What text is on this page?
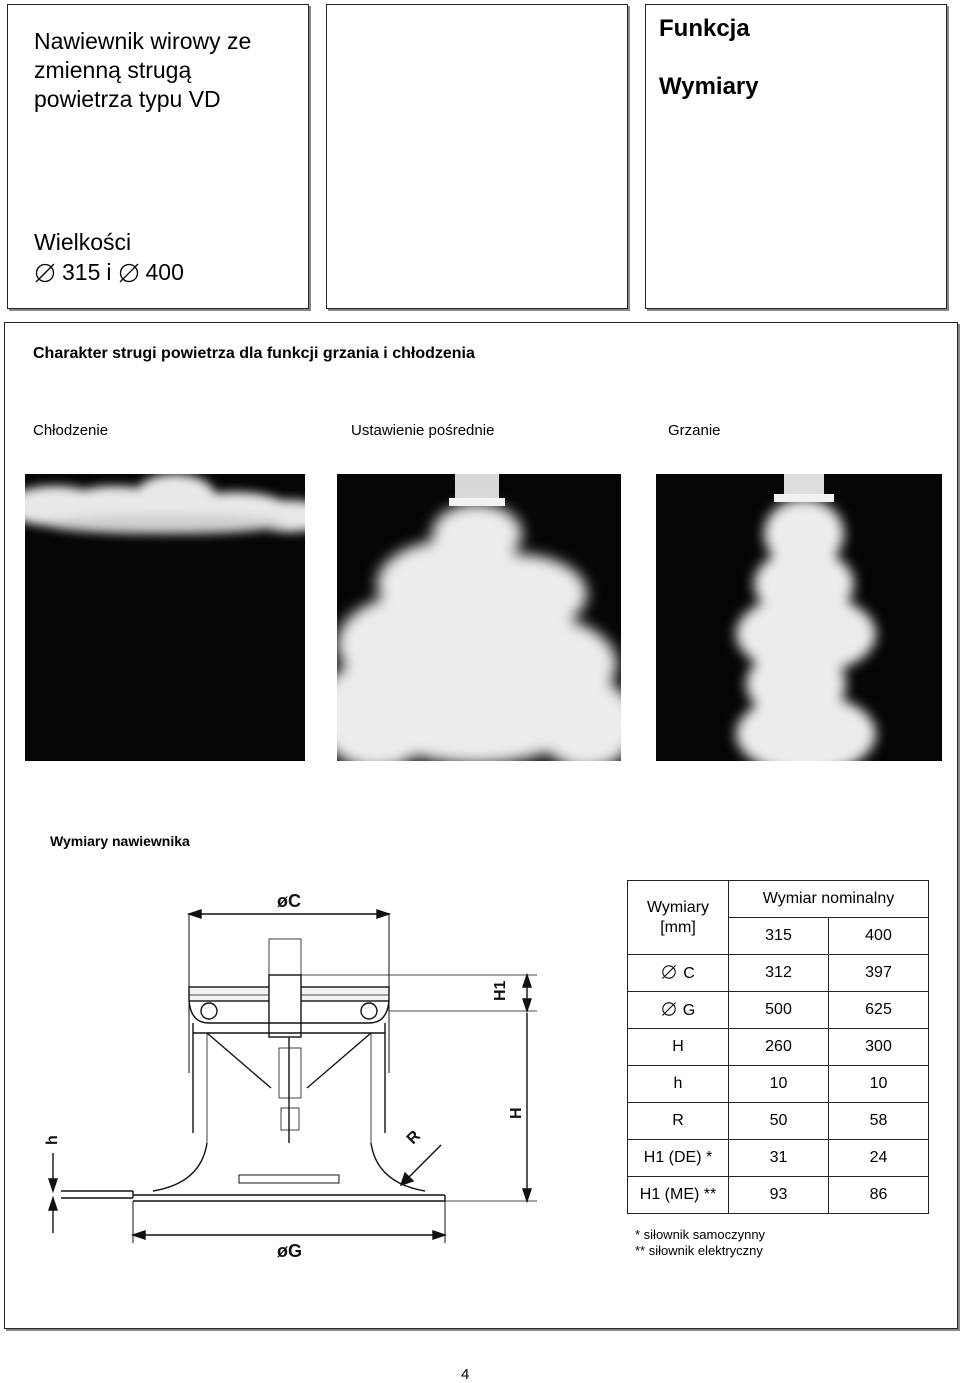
Nawiewnik wirowy ze zmienną strugą powietrza typu VD
Wielkości
315 i 400
Funkcja
Wymiary
Charakter strugi powietrza dla funkcji grzania i chłodzenia
Chłodzenie	Ustawienie pośrednie	Grzanie
Wymiary nawiewnika
øC
øG
H1
H
R
h
Wymiary [mm]	Wymiar nominalny	
	315	400
C	312	397
G	500	625
H	260	300
h	10	10
R	50	58
H1 (DE) *	31	24
H1 (ME) **	93	86
* siłownik samoczynny
** siłownik elektryczny
4
